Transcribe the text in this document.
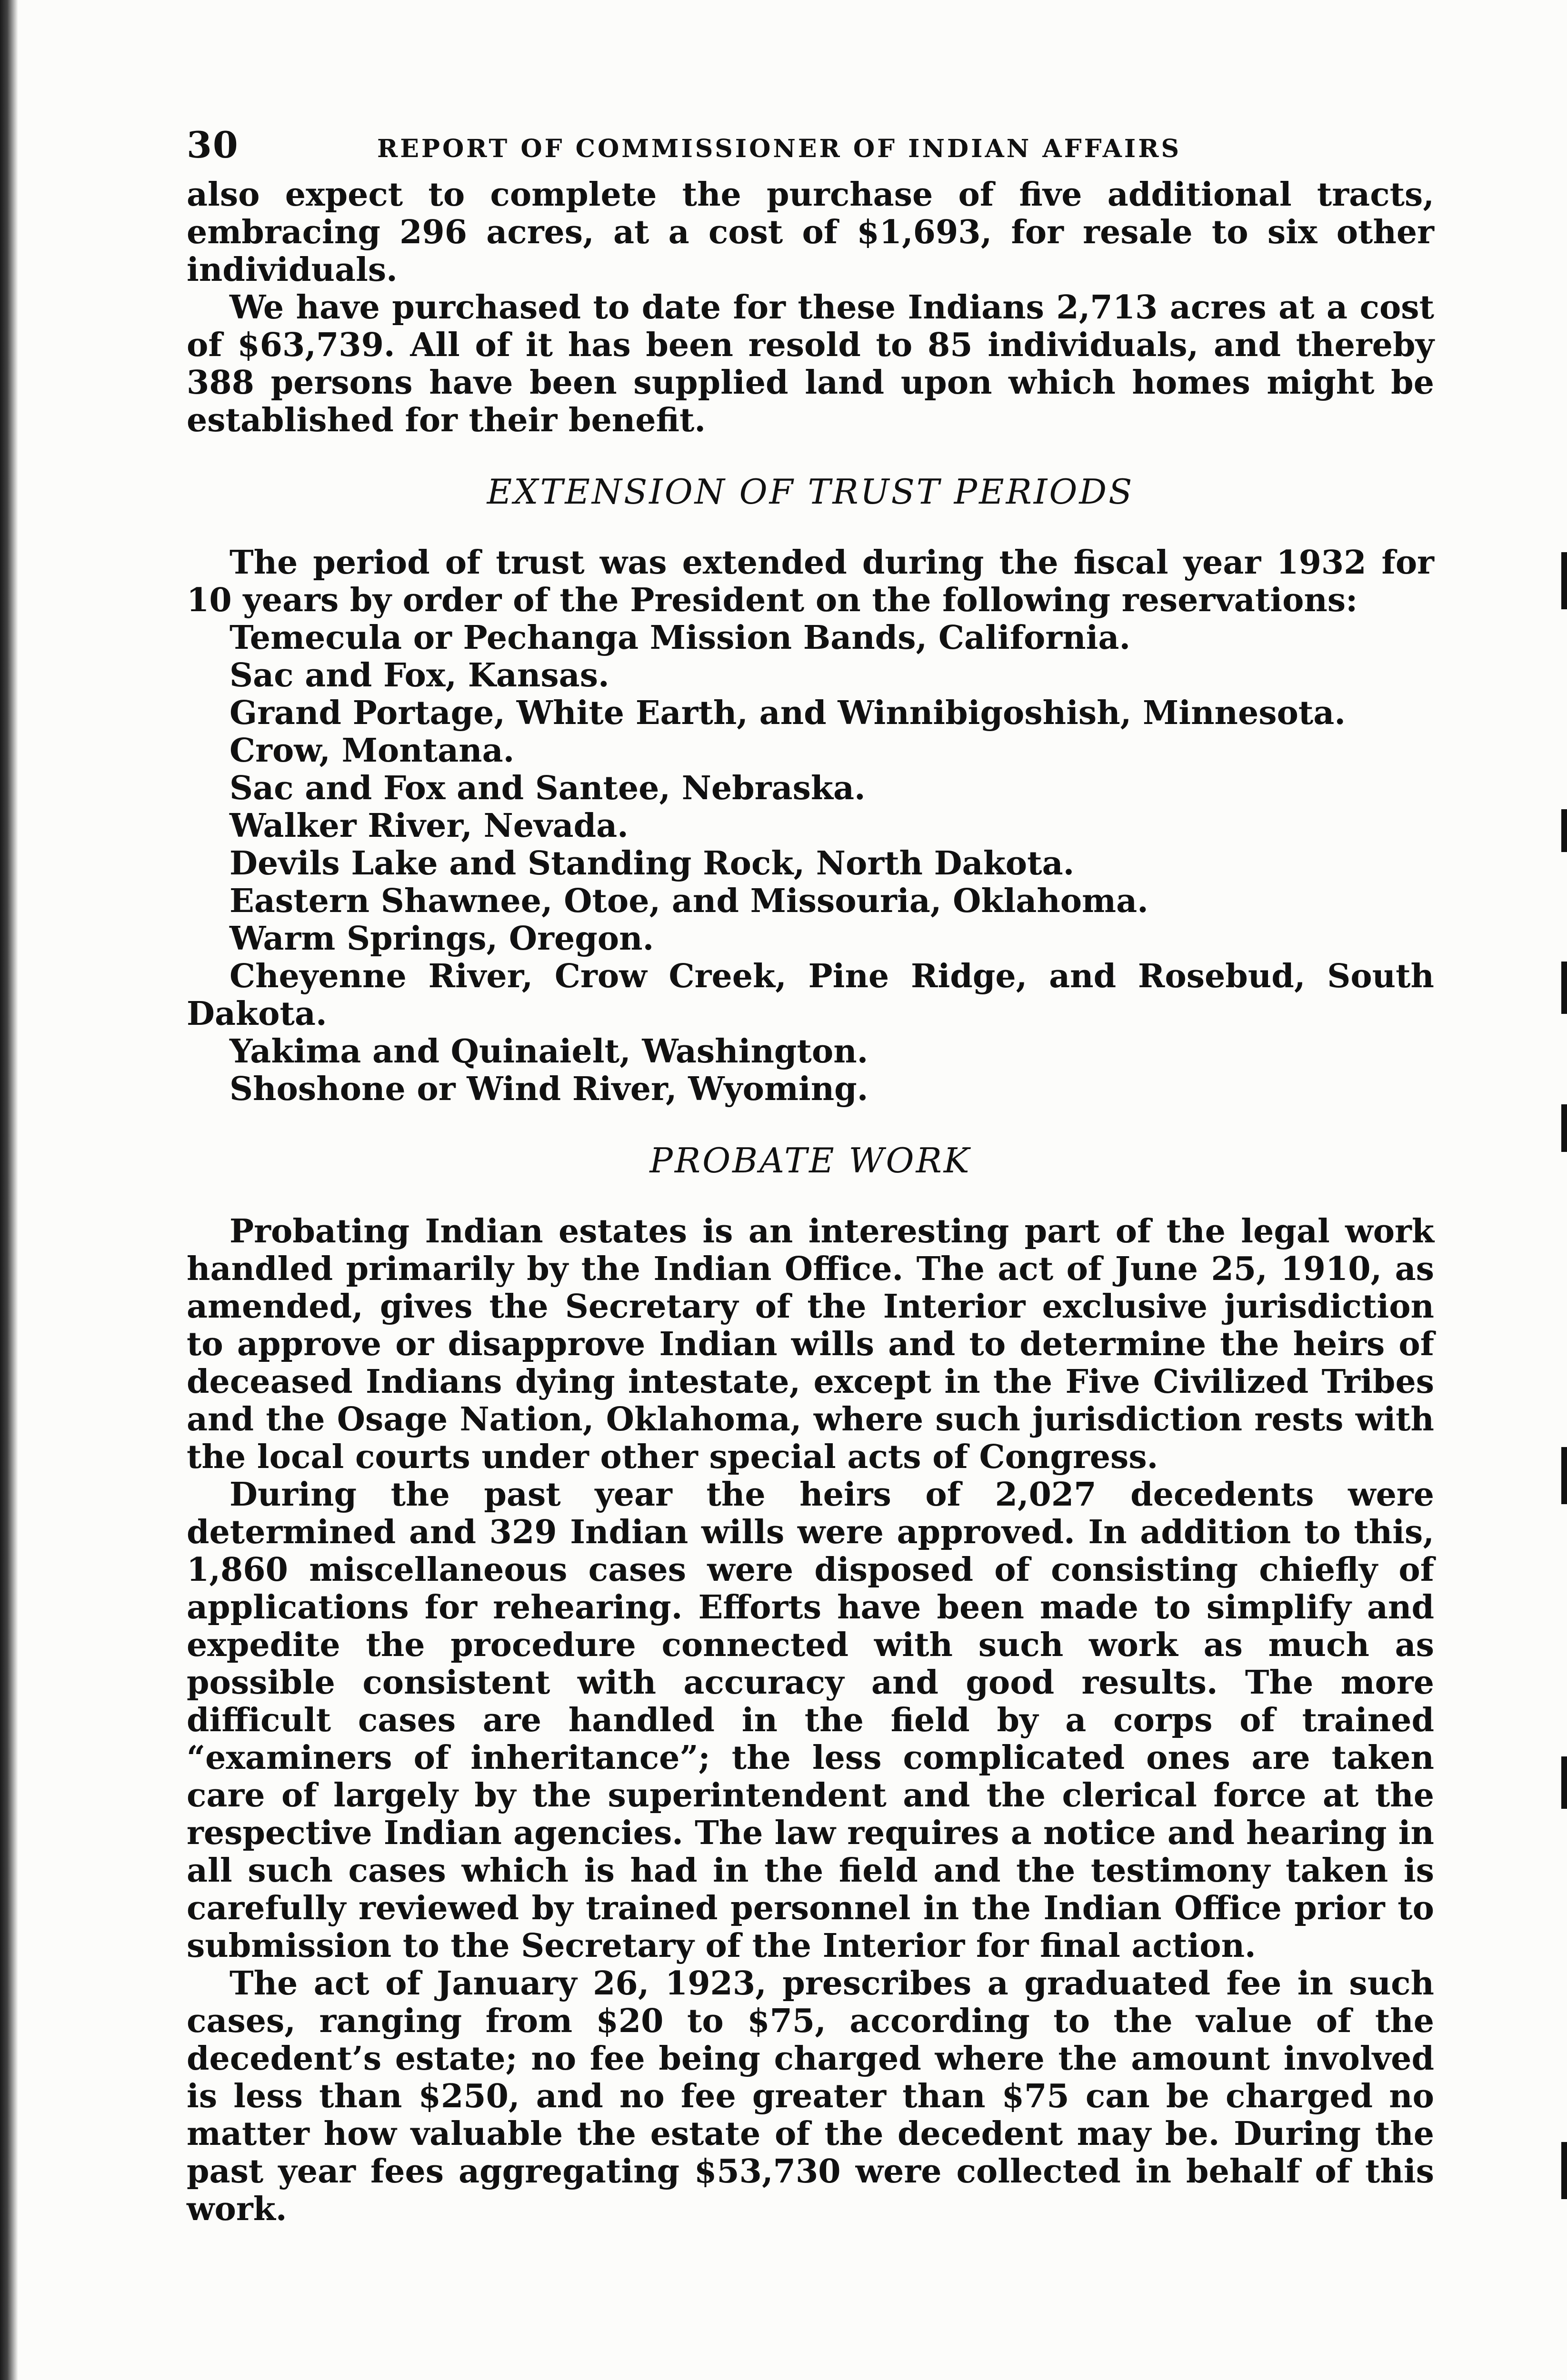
30	REPORT OF COMMISSIONER OF INDIAN AFFAIRS

also expect to complete the purchase of five additional tracts, embracing 296 acres, at a cost of $1,693, for resale to six other individuals.

We have purchased to date for these Indians 2,713 acres at a cost of $63,739. All of it has been resold to 85 individuals, and thereby 388 persons have been supplied land upon which homes might be established for their benefit.

EXTENSION OF TRUST PERIODS

The period of trust was extended during the fiscal year 1932 for 10 years by order of the President on the following reservations:

Temecula or Pechanga Mission Bands, California.
Sac and Fox, Kansas.
Grand Portage, White Earth, and Winnibigoshish, Minnesota.
Crow, Montana.
Sac and Fox and Santee, Nebraska.
Walker River, Nevada.
Devils Lake and Standing Rock, North Dakota.
Eastern Shawnee, Otoe, and Missouria, Oklahoma.
Warm Springs, Oregon.
Cheyenne River, Crow Creek, Pine Ridge, and Rosebud, South Dakota.
Yakima and Quinaielt, Washington.
Shoshone or Wind River, Wyoming.
PROBATE WORK

Probating Indian estates is an interesting part of the legal work handled primarily by the Indian Office. The act of June 25, 1910, as amended, gives the Secretary of the Interior exclusive jurisdiction to approve or disapprove Indian wills and to determine the heirs of deceased Indians dying intestate, except in the Five Civilized Tribes and the Osage Nation, Oklahoma, where such jurisdiction rests with the local courts under other special acts of Congress.

During the past year the heirs of 2,027 decedents were determined and 329 Indian wills were approved. In addition to this, 1,860 miscellaneous cases were disposed of consisting chiefly of applications for rehearing. Efforts have been made to simplify and expedite the procedure connected with such work as much as possible consistent with accuracy and good results. The more difficult cases are handled in the field by a corps of trained “examiners of inheritance”; the less complicated ones are taken care of largely by the superintendent and the clerical force at the respective Indian agencies. The law requires a notice and hearing in all such cases which is had in the field and the testimony taken is carefully reviewed by trained personnel in the Indian Office prior to submission to the Secretary of the Interior for final action.

The act of January 26, 1923, prescribes a graduated fee in such cases, ranging from $20 to $75, according to the value of the decedent’s estate; no fee being charged where the amount involved is less than $250, and no fee greater than $75 can be charged no matter how valuable the estate of the decedent may be. During the past year fees aggregating $53,730 were collected in behalf of this work.
